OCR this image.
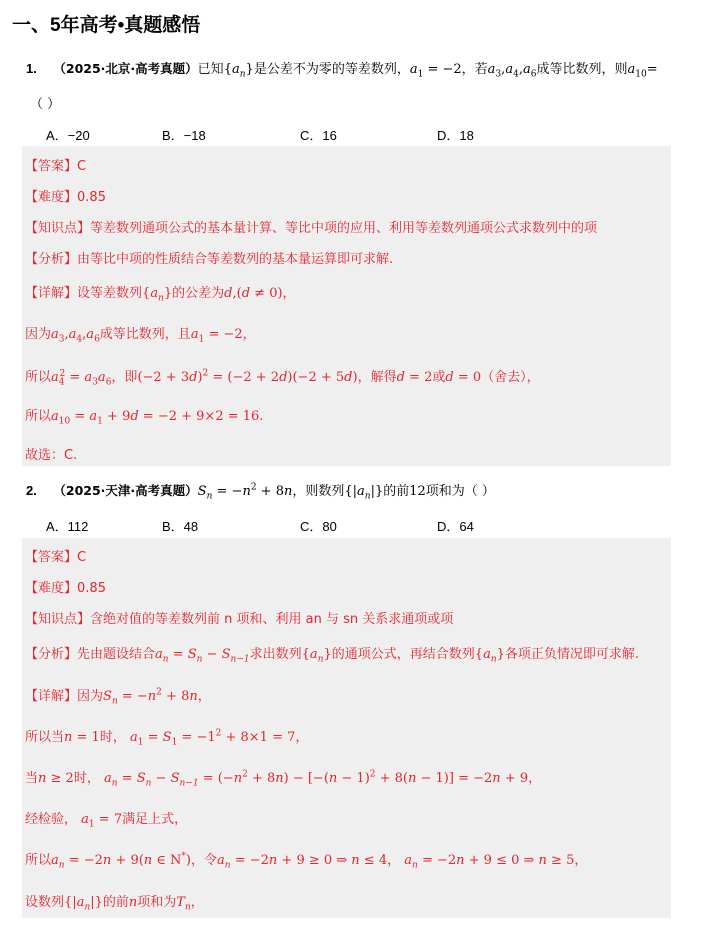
一、5年高考•真题感悟
1. （2025·北京·高考真题）已知$\{a_n\}$是公差不为零的等差数列，$a_1 = -2$，若$a_3,a_4,a_6$成等比数列，则$a_{10}=$
（ ）
A．−20	B．−18	C．16	D．18
【答案】C
【难度】0.85
【知识点】等差数列通项公式的基本量计算、等比中项的应用、利用等差数列通项公式求数列中的项
【分析】由等比中项的性质结合等差数列的基本量运算即可求解.
【详解】设等差数列$\{a_n\}$的公差为d,(d ≠ 0)，
因为$a_3,a_4,a_6$成等比数列，且$a_1 = -2$，
所以$a_4^2 = a_3a_6$，即$(-2 + 3d)^2 = (-2 + 2d)(-2 + 5d)$，解得d = 2或d = 0（舍去），
所以$a_{10} = a_1 + 9d = -2 + 9\times 2 = 16$.
故选：C.
2. （2025·天津·高考真题）$S_n = -n^2 + 8n$，则数列$\{|a_n|\}$的前12项和为（ ）
A．112	B．48	C．80	D．64
【答案】C
【难度】0.85
【知识点】含绝对值的等差数列前 n 项和、利用 an 与 sn 关系求通项或项
【分析】先由题设结合$a_n = S_n - S_{n-1}$求出数列$\{a_n\}$的通项公式，再结合数列$\{a_n\}$各项正负情况即可求解.
【详解】因为$S_n = -n^2 + 8n$，
所以当n = 1时， $a_1 = S_1 = -1^2 + 8\times 1 = 7$，
当n ≥ 2时， $a_n = S_n - S_{n-1} = (-n^2 + 8n) - [-(n - 1)^2 + 8(n - 1)] = -2n + 9$，
经检验， $a_1 = 7$满足上式，
所以$a_n = -2n + 9(n$ ∈ N*)，令$a_n = -2n + 9 \ge 0$ ⇒ n ≤ 4， $a_n = -2n + 9 \le 0$ ⇒ n ≥ 5，
设数列$\{|a_n|\}$的前n项和为$T_n$，
